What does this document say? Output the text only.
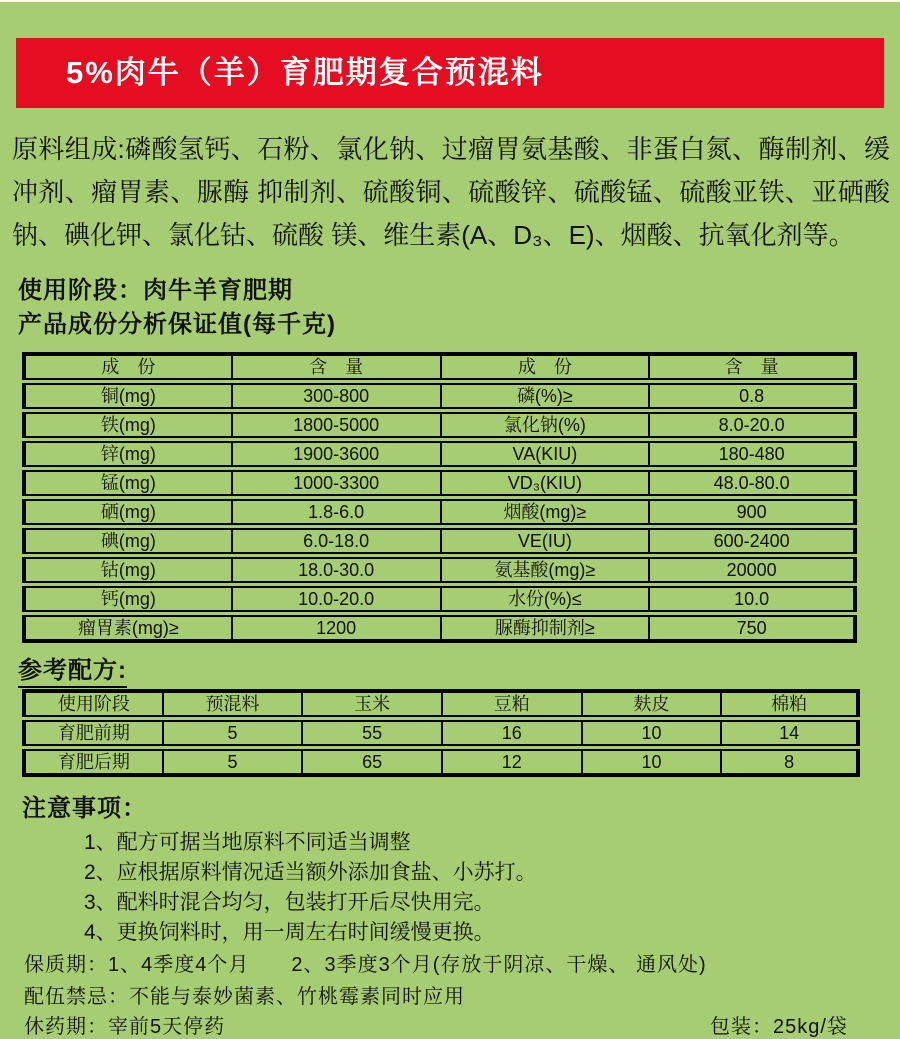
5%肉牛（羊）育肥期复合预混料
原料组成:磷酸氢钙、石粉、氯化钠、过瘤胃氨基酸、非蛋白氮、酶制剂、缓冲剂、瘤胃素、脲酶 抑制剂、硫酸铜、硫酸锌、硫酸锰、硫酸亚铁、亚硒酸钠、碘化钾、氯化钴、硫酸 镁、维生素(A、D₃、E)、烟酸、抗氧化剂等。
使用阶段：肉牛羊育肥期
产品成份分析保证值(每千克)
成　份	含　量	成　份	含　量
铜(mg)	300-800	磷(%)≥	0.8
铁(mg)	1800-5000	氯化钠(%)	8.0-20.0
锌(mg)	1900-3600	VA(KIU)	180-480
锰(mg)	1000-3300	VD₃(KIU)	48.0-80.0
硒(mg)	1.8-6.0	烟酸(mg)≥	900
碘(mg)	6.0-18.0	VE(IU)	600-2400
钴(mg)	18.0-30.0	氨基酸(mg)≥	20000
钙(mg)	10.0-20.0	水份(%)≤	10.0
瘤胃素(mg)≥	1200	脲酶抑制剂≥	750
参考配方:
使用阶段	预混料	玉米	豆粕	麸皮	棉粕
育肥前期	5	55	16	10	14
育肥后期	5	65	12	10	8
注意事项：
1、配方可据当地原料不同适当调整
2、应根据原料情况适当额外添加食盐、小苏打。
3、配料时混合均匀，包装打开后尽快用完。
4、更换饲料时，用一周左右时间缓慢更换。
保质期：1、4季度4个月　　2、3季度3个月(存放于阴凉、干燥、 通风处)
配伍禁忌：不能与泰妙菌素、竹桃霉素同时应用
休药期：宰前5天停药	包装：25kg/袋
